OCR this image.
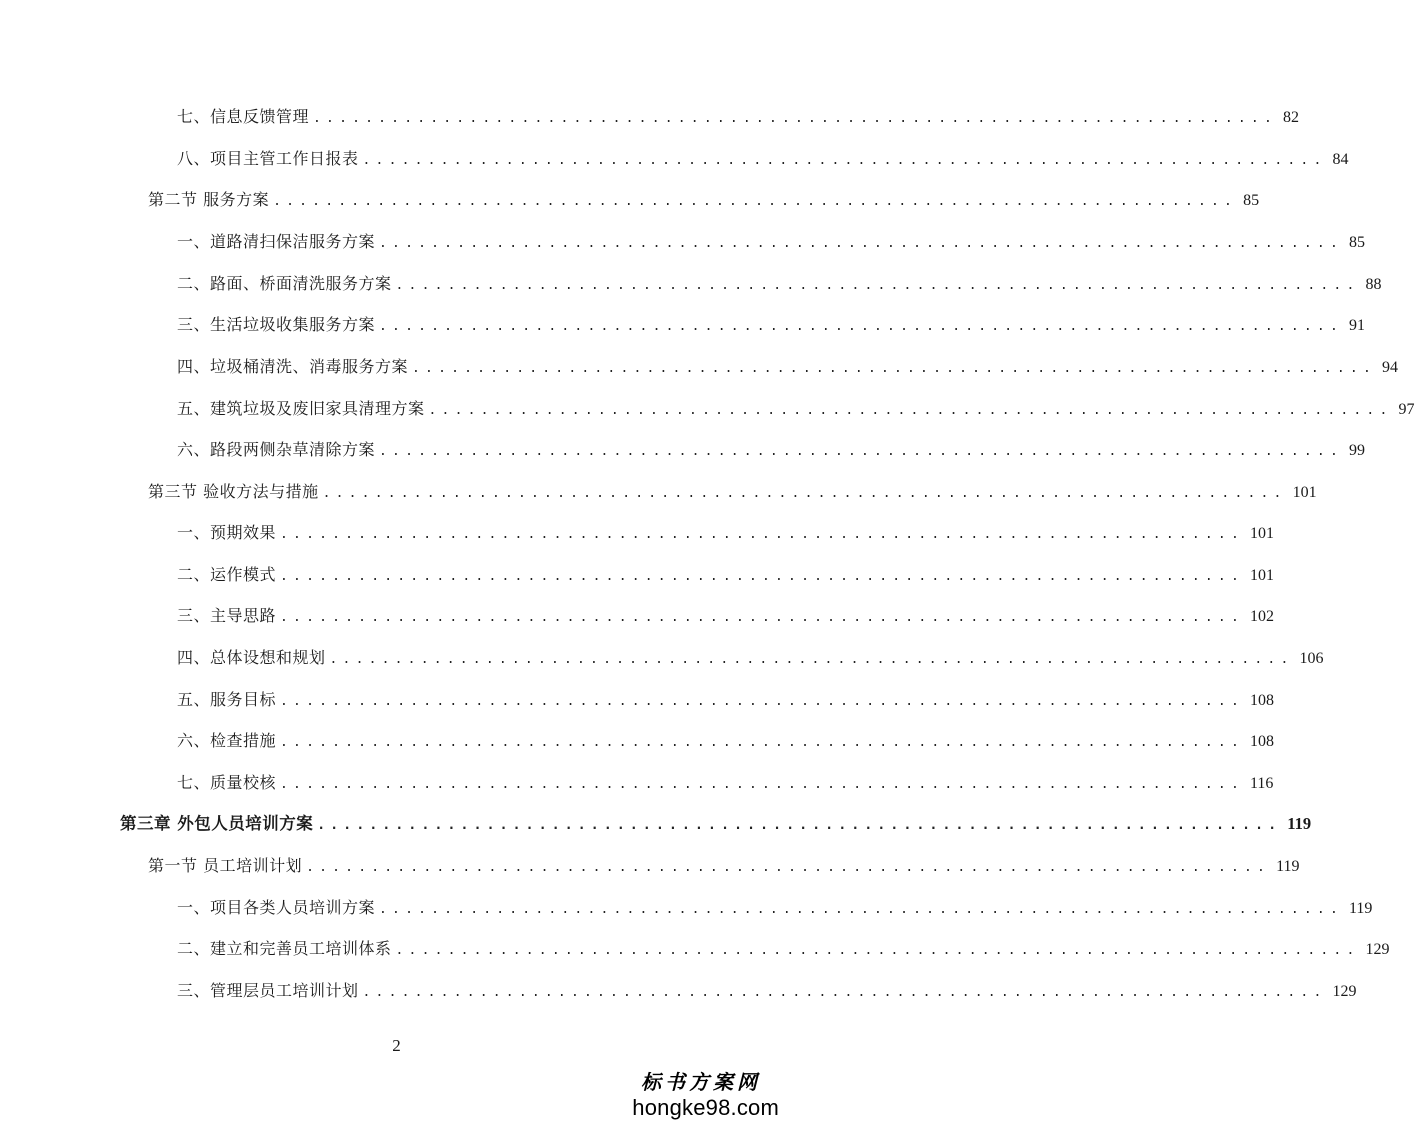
七、信息反馈管理 .......................................................................... 82
八、项目主管工作日报表 .......................................................................... 84
第二节 服务方案 .......................................................................... 85
一、道路清扫保洁服务方案 .......................................................................... 85
二、路面、桥面清洗服务方案 .......................................................................... 88
三、生活垃圾收集服务方案 .......................................................................... 91
四、垃圾桶清洗、消毒服务方案 .......................................................................... 94
五、建筑垃圾及废旧家具清理方案 .......................................................................... 97
六、路段两侧杂草清除方案 .......................................................................... 99
第三节 验收方法与措施 .......................................................................... 101
一、预期效果 .......................................................................... 101
二、运作模式 .......................................................................... 101
三、主导思路 .......................................................................... 102
四、总体设想和规划 .......................................................................... 106
五、服务目标 .......................................................................... 108
六、检查措施 .......................................................................... 108
七、质量校核 .......................................................................... 116
第三章 外包人员培训方案 .......................................................................... 119
第一节 员工培训计划 .......................................................................... 119
一、项目各类人员培训方案 .......................................................................... 119
二、建立和完善员工培训体系 .......................................................................... 129
三、管理层员工培训计划 .......................................................................... 129
2
标书方案网
hongke98.com
